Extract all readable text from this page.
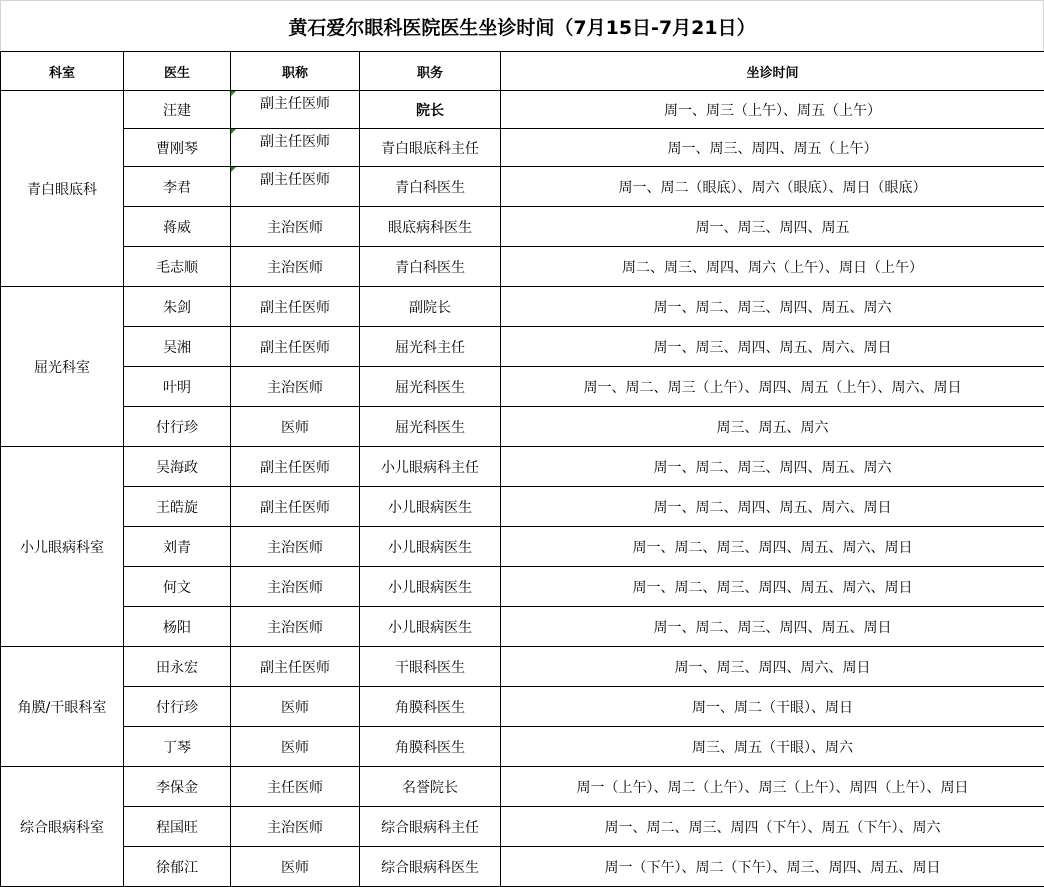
黄石爱尔眼科医院医生坐诊时间（7月15日-7月21日）
科室	医生	职称	职务	坐诊时间
青白眼底科	汪建	副主任医师	院长	周一、周三（上午）、周五（上午）
	曹刚琴	副主任医师	青白眼底科主任	周一、周三、周四、周五（上午）
	李君	副主任医师	青白科医生	周一、周二（眼底）、周六（眼底）、周日（眼底）
	蒋威	主治医师	眼底病科医生	周一、周三、周四、周五
	毛志顺	主治医师	青白科医生	周二、周三、周四、周六（上午）、周日（上午）
屈光科室	朱剑	副主任医师	副院长	周一、周二、周三、周四、周五、周六
	吴湘	副主任医师	屈光科主任	周一、周三、周四、周五、周六、周日
	叶明	主治医师	屈光科医生	周一、周二、周三（上午）、周四、周五（上午）、周六、周日
	付行珍	医师	屈光科医生	周三、周五、周六
小儿眼病科室	吴海政	副主任医师	小儿眼病科主任	周一、周二、周三、周四、周五、周六
	王皓旋	副主任医师	小儿眼病医生	周一、周二、周四、周五、周六、周日
	刘青	主治医师	小儿眼病医生	周一、周二、周三、周四、周五、周六、周日
	何文	主治医师	小儿眼病医生	周一、周二、周三、周四、周五、周六、周日
	杨阳	主治医师	小儿眼病医生	周一、周二、周三、周四、周五、周日
角膜/干眼科室	田永宏	副主任医师	干眼科医生	周一、周三、周四、周六、周日
	付行珍	医师	角膜科医生	周一、周二（干眼）、周日
	丁琴	医师	角膜科医生	周三、周五（干眼）、周六
综合眼病科室	李保金	主任医师	名誉院长	周一（上午）、周二（上午）、周三（上午）、周四（上午）、周日
	程国旺	主治医师	综合眼病科主任	周一、周二、周三、周四（下午）、周五（下午）、周六
	徐郁江	医师	综合眼病科医生	周一（下午）、周二（下午）、周三、周四、周五、周日
